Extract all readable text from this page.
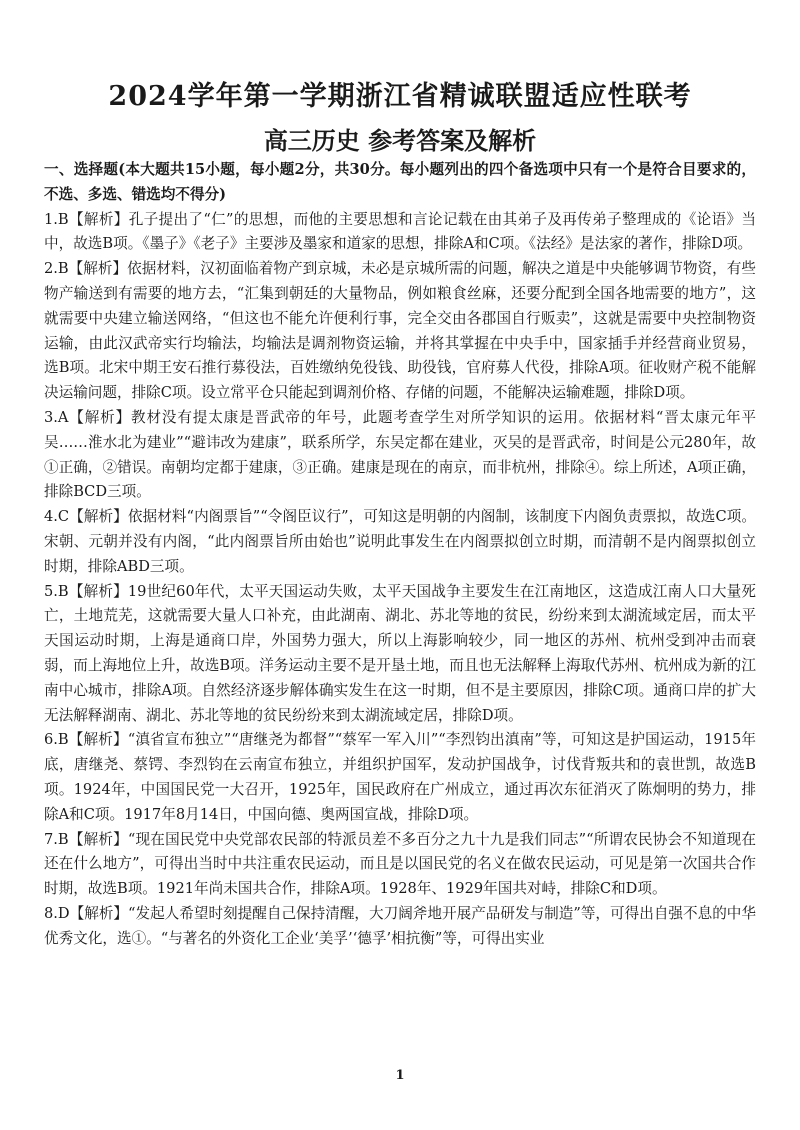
2024学年第一学期浙江省精诚联盟适应性联考
高三历史 参考答案及解析

一、选择题(本大题共15小题，每小题2分，共30分。每小题列出的四个备选项中只有一个是符合目要求的，不选、多选、错选均不得分)

1.B【解析】孔子提出了“仁”的思想，而他的主要思想和言论记载在由其弟子及再传弟子整理成的《论语》当中，故选B项。《墨子》《老子》主要涉及墨家和道家的思想，排除A和C项。《法经》是法家的著作，排除D项。

2.B【解析】依据材料，汉初面临着物产到京城，未必是京城所需的问题，解决之道是中央能够调节物资，有些物产输送到有需要的地方去，“汇集到朝廷的大量物品，例如粮食丝麻，还要分配到全国各地需要的地方”，这就需要中央建立输送网络，“但这也不能允许便利行事，完全交由各郡国自行贩卖”，这就是需要中央控制物资运输，由此汉武帝实行均输法，均输法是调剂物资运输，并将其掌握在中央手中，国家插手并经营商业贸易，选B项。北宋中期王安石推行募役法，百姓缴纳免役钱、助役钱，官府募人代役，排除A项。征收财产税不能解决运输问题，排除C项。设立常平仓只能起到调剂价格、存储的问题，不能解决运输难题，排除D项。

3.A【解析】教材没有提太康是晋武帝的年号，此题考查学生对所学知识的运用。依据材料“晋太康元年平吴……淮水北为建业”“避讳改为建康”，联系所学，东吴定都在建业，灭吴的是晋武帝，时间是公元280年，故①正确，②错误。南朝均定都于建康，③正确。建康是现在的南京，而非杭州，排除④。综上所述，A项正确，排除BCD三项。

4.C【解析】依据材料“内阁票旨”“令阁臣议行”，可知这是明朝的内阁制，该制度下内阁负责票拟，故选C项。宋朝、元朝并没有内阁，“此内阁票旨所由始也”说明此事发生在内阁票拟创立时期，而清朝不是内阁票拟创立时期，排除ABD三项。

5.B【解析】19世纪60年代，太平天国运动失败，太平天国战争主要发生在江南地区，这造成江南人口大量死亡，土地荒芜，这就需要大量人口补充，由此湖南、湖北、苏北等地的贫民，纷纷来到太湖流域定居，而太平天国运动时期，上海是通商口岸，外国势力强大，所以上海影响较少，同一地区的苏州、杭州受到冲击而衰弱，而上海地位上升，故选B项。洋务运动主要不是开垦土地，而且也无法解释上海取代苏州、杭州成为新的江南中心城市，排除A项。自然经济逐步解体确实发生在这一时期，但不是主要原因，排除C项。通商口岸的扩大无法解释湖南、湖北、苏北等地的贫民纷纷来到太湖流域定居，排除D项。

6.B【解析】“滇省宣布独立”“唐继尧为都督”“蔡军一军入川”“李烈钧出滇南”等，可知这是护国运动，1915年底，唐继尧、蔡锷、李烈钧在云南宣布独立，并组织护国军，发动护国战争，讨伐背叛共和的袁世凯，故选B项。1924年，中国国民党一大召开，1925年，国民政府在广州成立，通过再次东征消灭了陈炯明的势力，排除A和C项。1917年8月14日，中国向德、奥两国宣战，排除D项。

7.B【解析】“现在国民党中央党部农民部的特派员差不多百分之九十九是我们同志”“所谓农民协会不知道现在还在什么地方”，可得出当时中共注重农民运动，而且是以国民党的名义在做农民运动，可见是第一次国共合作时期，故选B项。1921年尚未国共合作，排除A项。1928年、1929年国共对峙，排除C和D项。

8.D【解析】“发起人希望时刻提醒自己保持清醒，大刀阔斧地开展产品研发与制造”等，可得出自强不息的中华优秀文化，选①。“与著名的外资化工企业‘美孚’‘德孚’相抗衡”等，可得出实业

1
